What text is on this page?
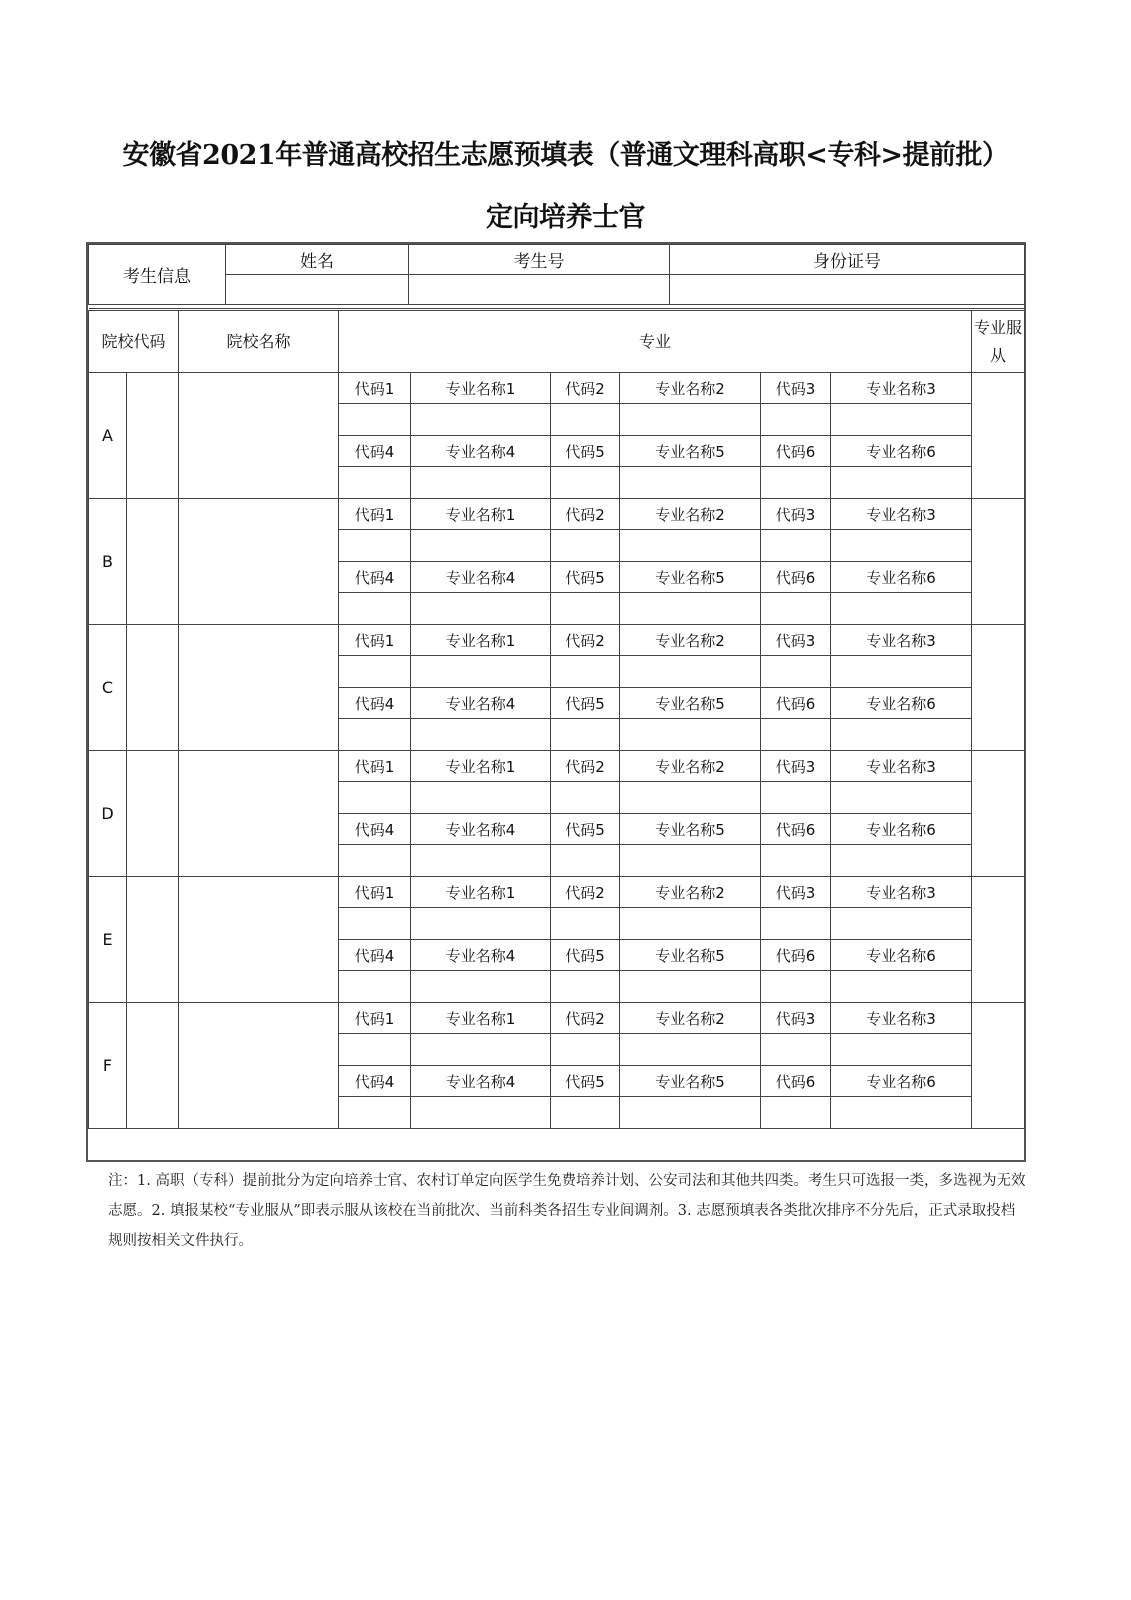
安徽省2021年普通高校招生志愿预填表（普通文理科高职<专科>提前批）
定向培养士官
考生信息	姓名	考生号	身份证号

院校代码		院校名称	专业						专业服从
A			代码1	专业名称1	代码2	专业名称2	代码3	专业名称3	

			代码4	专业名称4	代码5	专业名称5	代码6	专业名称6	

B			代码1	专业名称1	代码2	专业名称2	代码3	专业名称3	

			代码4	专业名称4	代码5	专业名称5	代码6	专业名称6	

C			代码1	专业名称1	代码2	专业名称2	代码3	专业名称3	

			代码4	专业名称4	代码5	专业名称5	代码6	专业名称6	

D			代码1	专业名称1	代码2	专业名称2	代码3	专业名称3	

			代码4	专业名称4	代码5	专业名称5	代码6	专业名称6	

E			代码1	专业名称1	代码2	专业名称2	代码3	专业名称3	

			代码4	专业名称4	代码5	专业名称5	代码6	专业名称6	

F			代码1	专业名称1	代码2	专业名称2	代码3	专业名称3	

			代码4	专业名称4	代码5	专业名称5	代码6	专业名称6	

注：1. 高职（专科）提前批分为定向培养士官、农村订单定向医学生免费培养计划、公安司法和其他共四类。考生只可选报一类，多选视为无效志愿。2. 填报某校“专业服从”即表示服从该校在当前批次、当前科类各招生专业间调剂。3. 志愿预填表各类批次排序不分先后，正式录取投档规则按相关文件执行。
